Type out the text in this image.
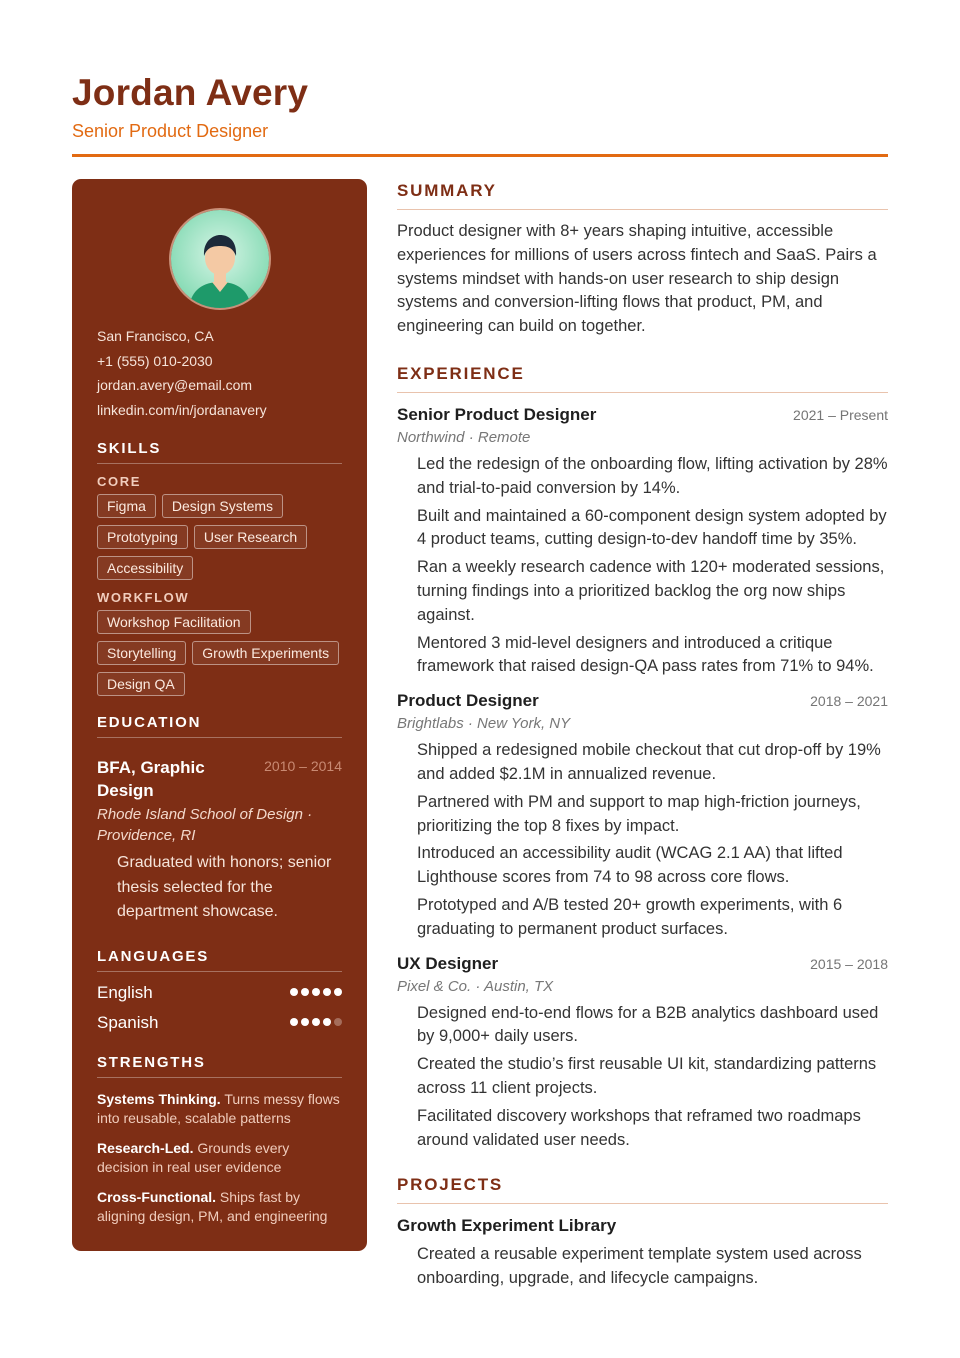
Jordan Avery
Senior Product Designer
San Francisco, CA
+1 (555) 010-2030
jordan.avery@email.com
linkedin.com/in/jordanavery
SKILLS
CORE
Figma	Design Systems
Prototyping	User Research
Accessibility
WORKFLOW
Workshop Facilitation
Storytelling	Growth Experiments
Design QA
EDUCATION
BFA, Graphic Design
2010 – 2014
Rhode Island School of Design · Providence, RI
Graduated with honors; senior thesis selected for the department showcase.
LANGUAGES
English
Spanish
STRENGTHS
Systems Thinking. Turns messy flows into reusable, scalable patterns
Research-Led. Grounds every decision in real user evidence
Cross-Functional. Ships fast by aligning design, PM, and engineering
SUMMARY

Product designer with 8+ years shaping intuitive, accessible experiences for millions of users across fintech and SaaS. Pairs a systems mindset with hands-on user research to ship design systems and conversion-lifting flows that product, PM, and engineering can build on together.

EXPERIENCE
Senior Product Designer	2021 – Present
Northwind · Remote
Led the redesign of the onboarding flow, lifting activation by 28% and trial-to-paid conversion by 14%.
Built and maintained a 60-component design system adopted by 4 product teams, cutting design-to-dev handoff time by 35%.
Ran a weekly research cadence with 120+ moderated sessions, turning findings into a prioritized backlog the org now ships against.
Mentored 3 mid-level designers and introduced a critique framework that raised design-QA pass rates from 71% to 94%.
Product Designer	2018 – 2021
Brightlabs · New York, NY
Shipped a redesigned mobile checkout that cut drop-off by 19% and added $2.1M in annualized revenue.
Partnered with PM and support to map high-friction journeys, prioritizing the top 8 fixes by impact.
Introduced an accessibility audit (WCAG 2.1 AA) that lifted Lighthouse scores from 74 to 98 across core flows.
Prototyped and A/B tested 20+ growth experiments, with 6 graduating to permanent product surfaces.
UX Designer	2015 – 2018
Pixel & Co. · Austin, TX
Designed end-to-end flows for a B2B analytics dashboard used by 9,000+ daily users.
Created the studio’s first reusable UI kit, standardizing patterns across 11 client projects.
Facilitated discovery workshops that reframed two roadmaps around validated user needs.
PROJECTS
Growth Experiment Library
Created a reusable experiment template system used across onboarding, upgrade, and lifecycle campaigns.
